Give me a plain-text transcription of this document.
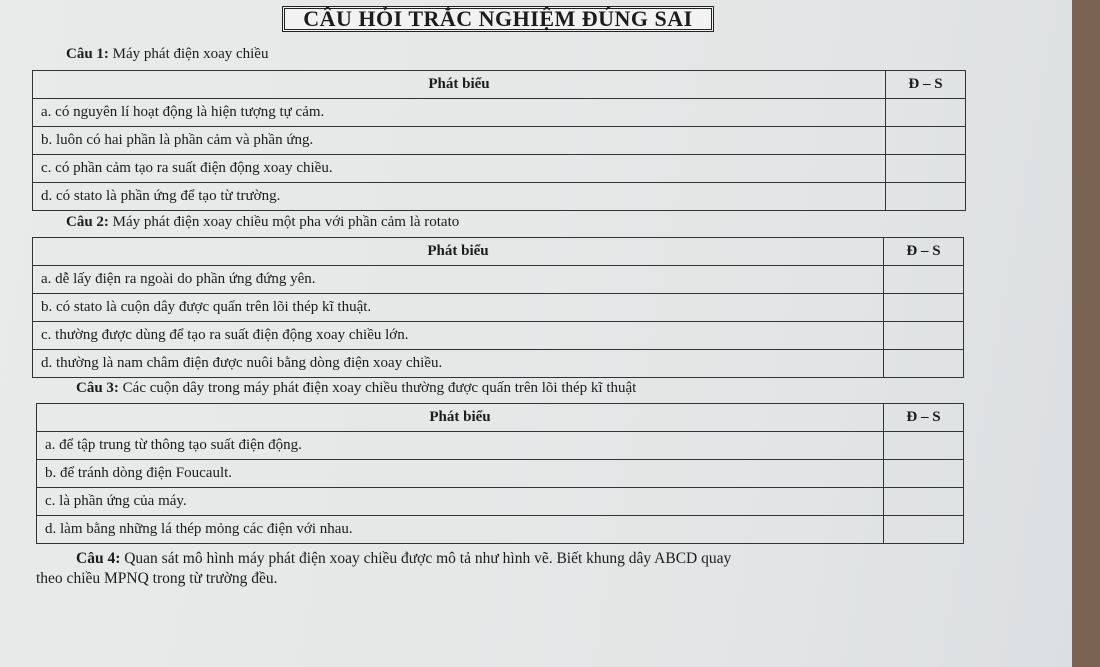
CÂU HỎI TRẮC NGHIỆM ĐÚNG SAI
Câu 1: Máy phát điện xoay chiều
Phát biểu	Đ – S
a. có nguyên lí hoạt động là hiện tượng tự cảm.	
b. luôn có hai phần là phần cảm và phần ứng.	
c. có phần cảm tạo ra suất điện động xoay chiều.	
d. có stato là phần ứng để tạo từ trường.	
Câu 2: Máy phát điện xoay chiều một pha với phần cảm là rotato
Phát biểu	Đ – S
a. dễ lấy điện ra ngoài do phần ứng đứng yên.	
b. có stato là cuộn dây được quấn trên lõi thép kĩ thuật.	
c. thường được dùng để tạo ra suất điện động xoay chiều lớn.	
d. thường là nam châm điện được nuôi bằng dòng điện xoay chiều.	
Câu 3: Các cuộn dây trong máy phát điện xoay chiều thường được quấn trên lõi thép kĩ thuật
Phát biểu	Đ – S
a. để tập trung từ thông tạo suất điện động.	
b. để tránh dòng điện Foucault.	
c. là phần ứng của máy.	
d. làm bằng những lá thép mỏng các điện với nhau.	
Câu 4: Quan sát mô hình máy phát điện xoay chiều được mô tả như hình vẽ. Biết khung dây ABCD quay
theo chiều MPNQ trong từ trường đều.
